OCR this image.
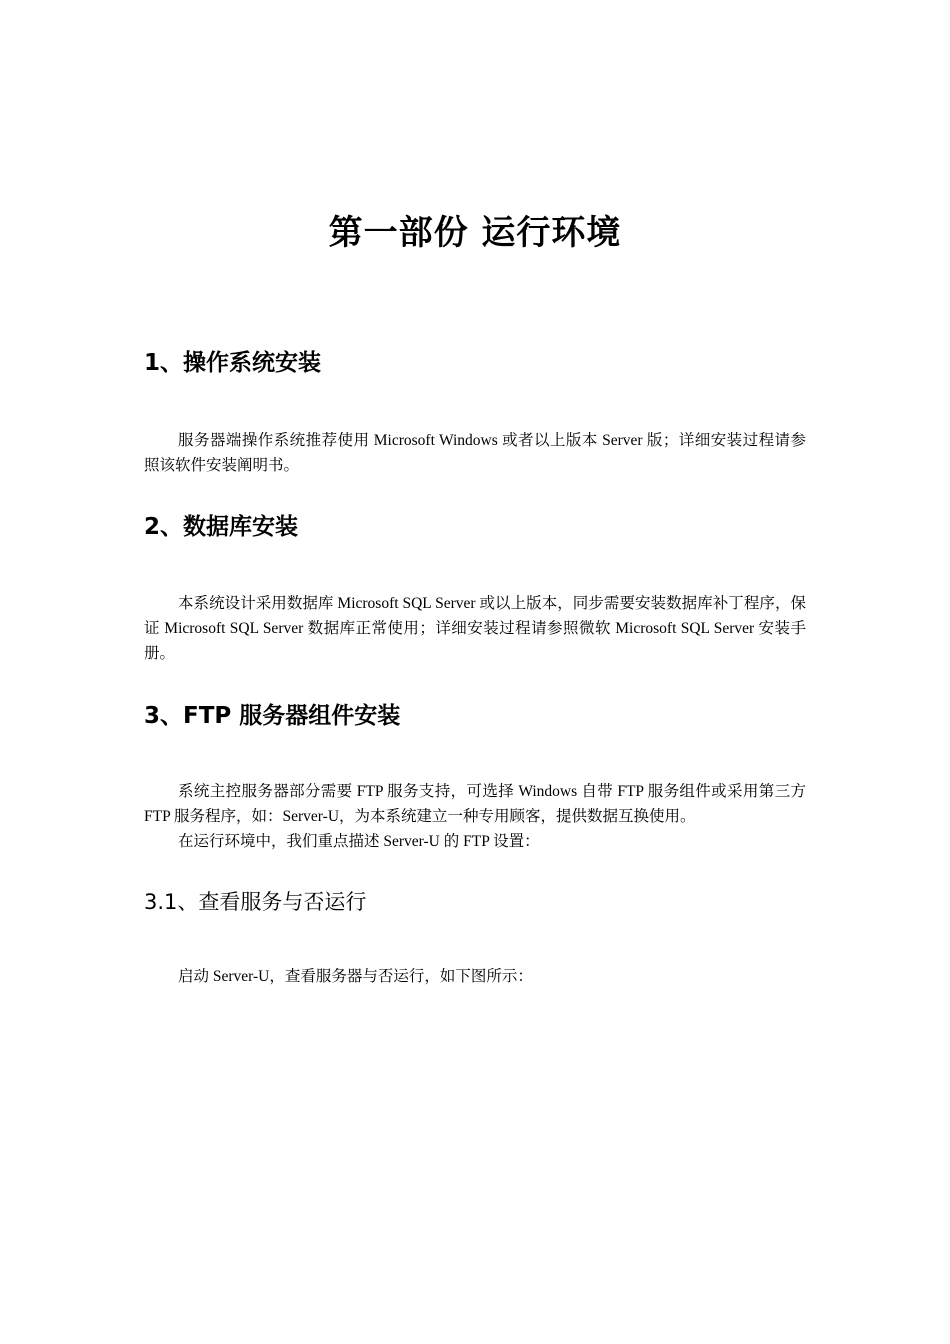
第一部份 运行环境
1、操作系统安装
服务器端操作系统推荐使用 Microsoft Windows 或者以上版本 Server 版；详细安装过程请参照该软件安装阐明书。
2、数据库安装
本系统设计采用数据库 Microsoft SQL Server 或以上版本，同步需要安装数据库补丁程序，保证 Microsoft SQL Server 数据库正常使用；详细安装过程请参照微软 Microsoft SQL Server 安装手册。
3、FTP 服务器组件安装
系统主控服务器部分需要 FTP 服务支持，可选择 Windows 自带 FTP 服务组件或采用第三方 FTP 服务程序，如：Server-U，为本系统建立一种专用顾客，提供数据互换使用。
在运行环境中，我们重点描述 Server-U 的 FTP 设置：
3.1、查看服务与否运行
启动 Server-U，查看服务器与否运行，如下图所示：
